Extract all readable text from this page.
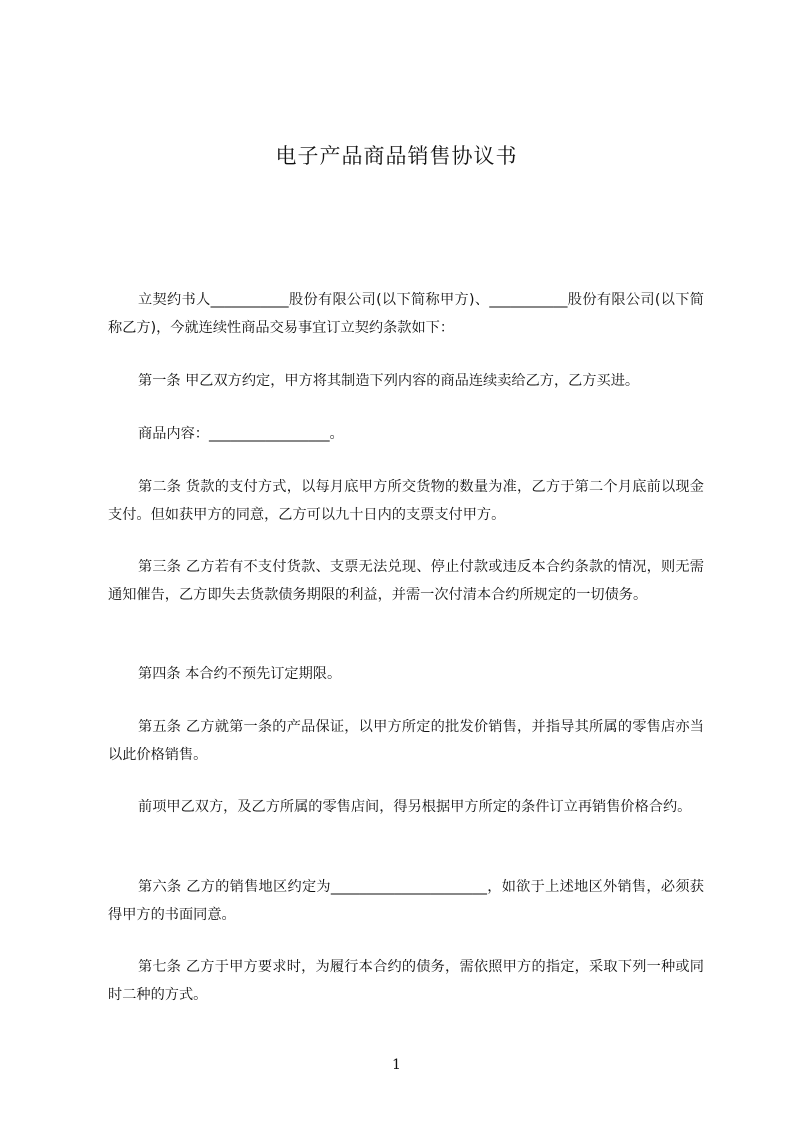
电子产品商品销售协议书
立契约书人___________股份有限公司(以下简称甲方)、___________股份有限公司(以下简称乙方)，今就连续性商品交易事宜订立契约条款如下：
第一条 甲乙双方约定，甲方将其制造下列内容的商品连续卖给乙方，乙方买进。
商品内容：_________________。
第二条 货款的支付方式，以每月底甲方所交货物的数量为准，乙方于第二个月底前以现金支付。但如获甲方的同意，乙方可以九十日内的支票支付甲方。
第三条 乙方若有不支付货款、支票无法兑现、停止付款或违反本合约条款的情况，则无需通知催告，乙方即失去货款债务期限的利益，并需一次付清本合约所规定的一切债务。
第四条 本合约不预先订定期限。
第五条 乙方就第一条的产品保证，以甲方所定的批发价销售，并指导其所属的零售店亦当以此价格销售。
前项甲乙双方，及乙方所属的零售店间，得另根据甲方所定的条件订立再销售价格合约。
第六条 乙方的销售地区约定为______________________，如欲于上述地区外销售，必须获得甲方的书面同意。
第七条 乙方于甲方要求时，为履行本合约的债务，需依照甲方的指定，采取下列一种或同时二种的方式。
1
